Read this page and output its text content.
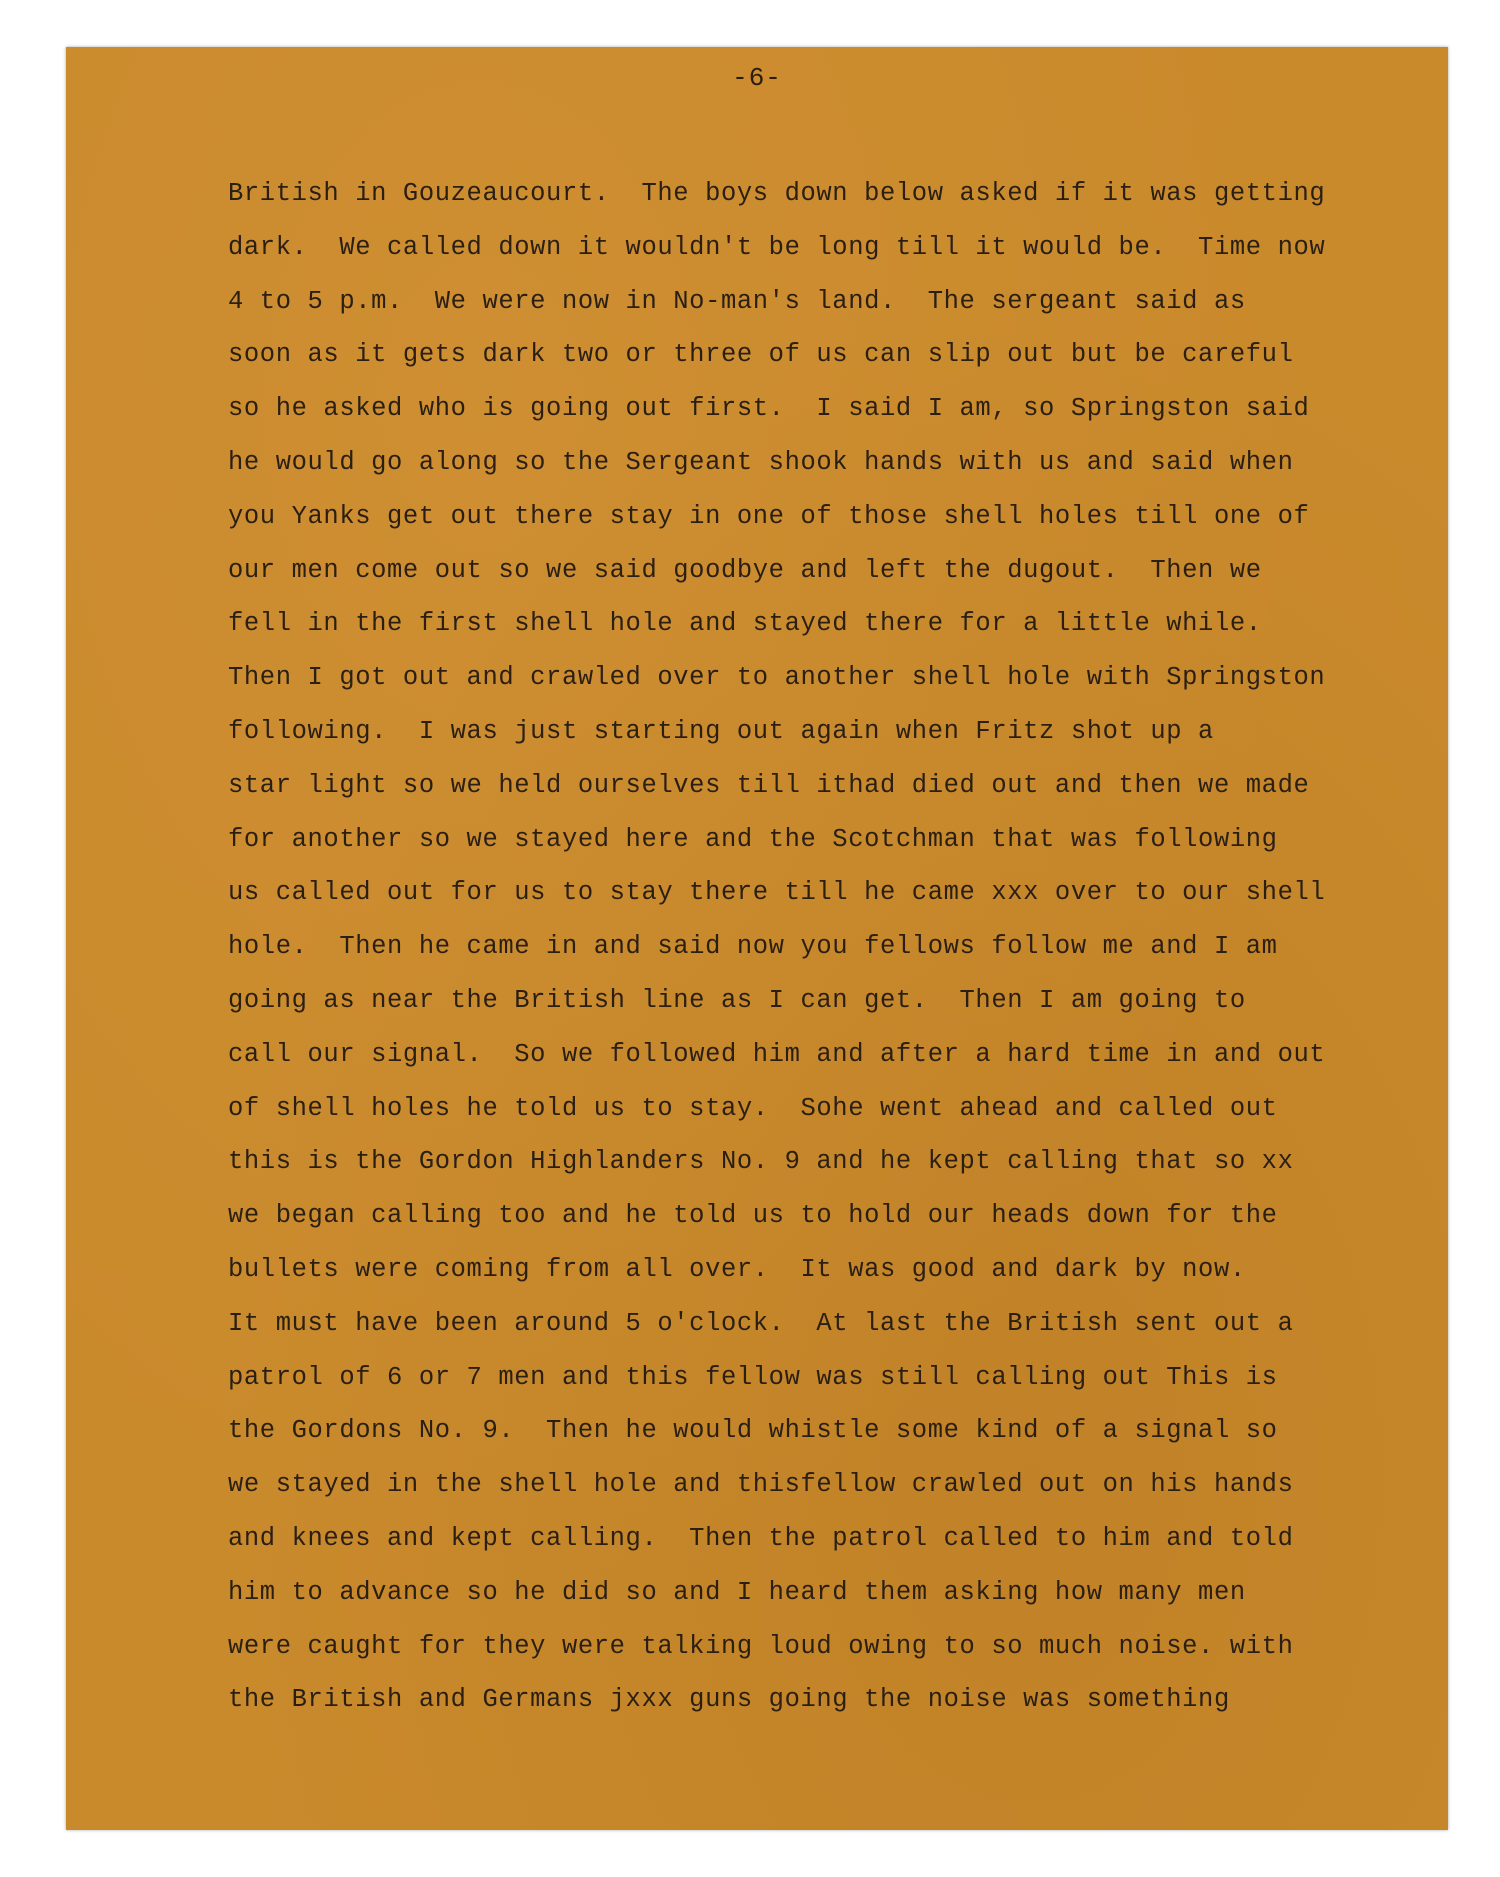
-6-
British in Gouzeaucourt.  The boys down below asked if it was getting
dark.  We called down it wouldn't be long till it would be.  Time now
4 to 5 p.m.  We were now in No-man's land.  The sergeant said as
soon as it gets dark two or three of us can slip out but be careful
so he asked who is going out first.  I said I am, so Springston said
he would go along so the Sergeant shook hands with us and said when
you Yanks get out there stay in one of those shell holes till one of
our men come out so we said goodbye and left the dugout.  Then we
fell in the first shell hole and stayed there for a little while.
Then I got out and crawled over to another shell hole with Springston
following.  I was just starting out again when Fritz shot up a
star light so we held ourselves till ithad died out and then we made
for another so we stayed here and the Scotchman that was following
us called out for us to stay there till he came xxx over to our shell
hole.  Then he came in and said now you fellows follow me and I am
going as near the British line as I can get.  Then I am going to
call our signal.  So we followed him and after a hard time in and out
of shell holes he told us to stay.  Sohe went ahead and called out
this is the Gordon Highlanders No. 9 and he kept calling that so xx
we began calling too and he told us to hold our heads down for the
bullets were coming from all over.  It was good and dark by now.
It must have been around 5 o'clock.  At last the British sent out a
patrol of 6 or 7 men and this fellow was still calling out This is
the Gordons No. 9.  Then he would whistle some kind of a signal so
we stayed in the shell hole and thisfellow crawled out on his hands
and knees and kept calling.  Then the patrol called to him and told
him to advance so he did so and I heard them asking how many men
were caught for they were talking loud owing to so much noise. with
the British and Germans jxxx guns going the noise was something
